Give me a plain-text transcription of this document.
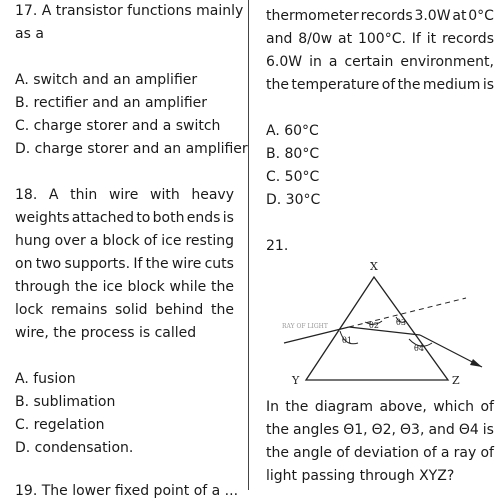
17. A transistor functions mainly
as a
A. switch and an amplifier
B. rectifier and an amplifier
C. charge storer and a switch
D. charge storer and an amplifier
18. A thin wire with heavy
weights attached to both ends is
hung over a block of ice resting
on two supports. If the wire cuts
through the ice block while the
lock remains solid behind the
wire, the process is called
A. fusion
B. sublimation
C. regelation
D. condensation.
19. The lower fixed point of a ...
thermometer records 3.0W at 0°C
and 8/0w at 100°C. If it records
6.0W in a certain environment,
the temperature of the medium is
A. 60°C
B. 80°C
C. 50°C
D. 30°C
21.
X
Y	Z
RAY OF LIGHT
θ1
θ2 θ3
θ4
In the diagram above, which of
the angles Θ1, Θ2, Θ3, and Θ4 is
the angle of deviation of a ray of
light passing through XYZ?
